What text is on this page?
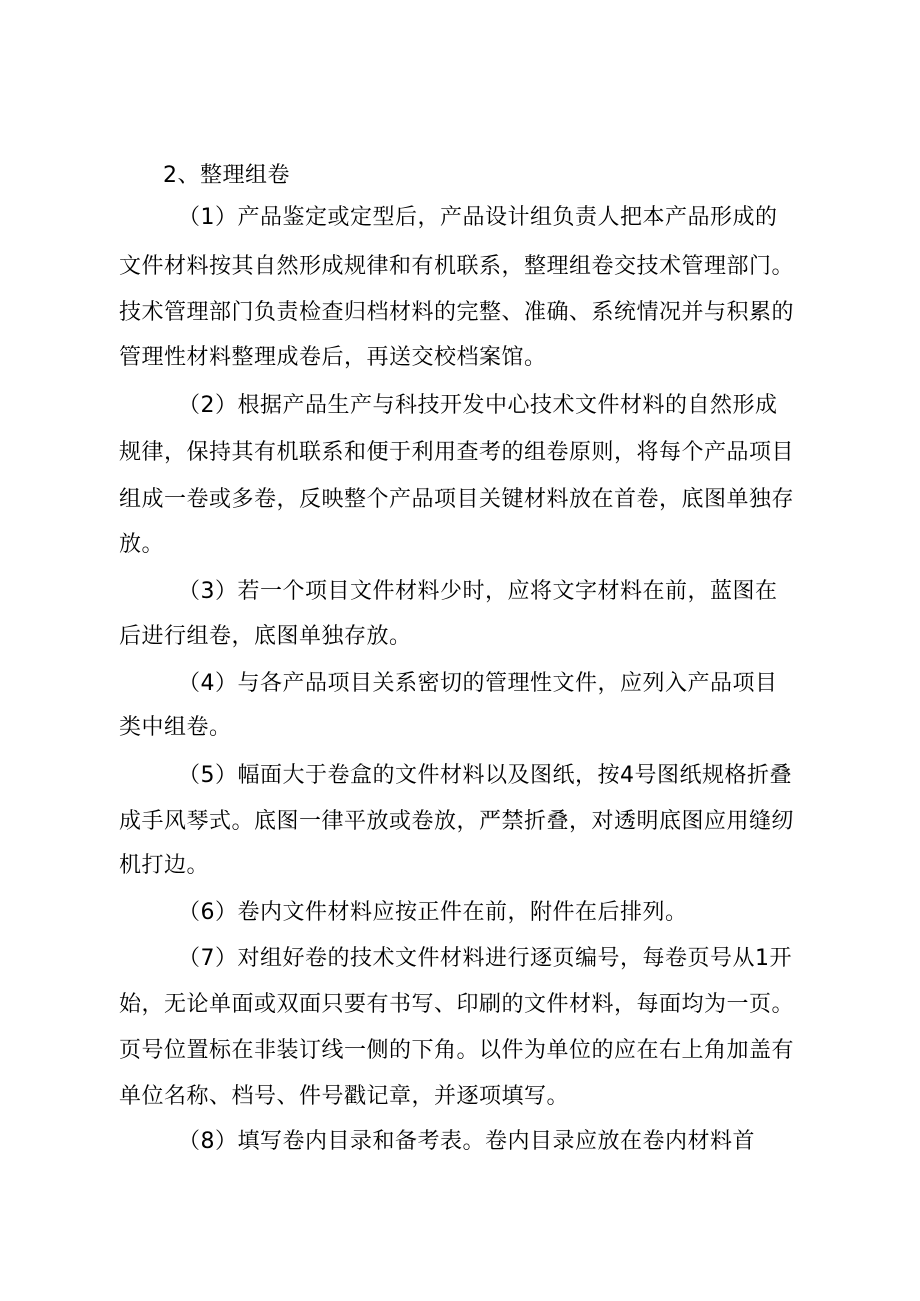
2、整理组卷
（1）产品鉴定或定型后，产品设计组负责人把本产品形成的
文件材料按其自然形成规律和有机联系，整理组卷交技术管理部门。
技术管理部门负责检查归档材料的完整、准确、系统情况并与积累的
管理性材料整理成卷后，再送交校档案馆。
（2）根据产品生产与科技开发中心技术文件材料的自然形成
规律，保持其有机联系和便于利用查考的组卷原则，将每个产品项目
组成一卷或多卷，反映整个产品项目关键材料放在首卷，底图单独存
放。
（3）若一个项目文件材料少时，应将文字材料在前，蓝图在
后进行组卷，底图单独存放。
（4）与各产品项目关系密切的管理性文件，应列入产品项目
类中组卷。
（5）幅面大于卷盒的文件材料以及图纸，按4号图纸规格折叠
成手风琴式。底图一律平放或卷放，严禁折叠，对透明底图应用缝纫
机打边。
（6）卷内文件材料应按正件在前，附件在后排列。
（7）对组好卷的技术文件材料进行逐页编号，每卷页号从1开
始，无论单面或双面只要有书写、印刷的文件材料，每面均为一页。
页号位置标在非装订线一侧的下角。以件为单位的应在右上角加盖有
单位名称、档号、件号戳记章，并逐项填写。
（8）填写卷内目录和备考表。卷内目录应放在卷内材料首
